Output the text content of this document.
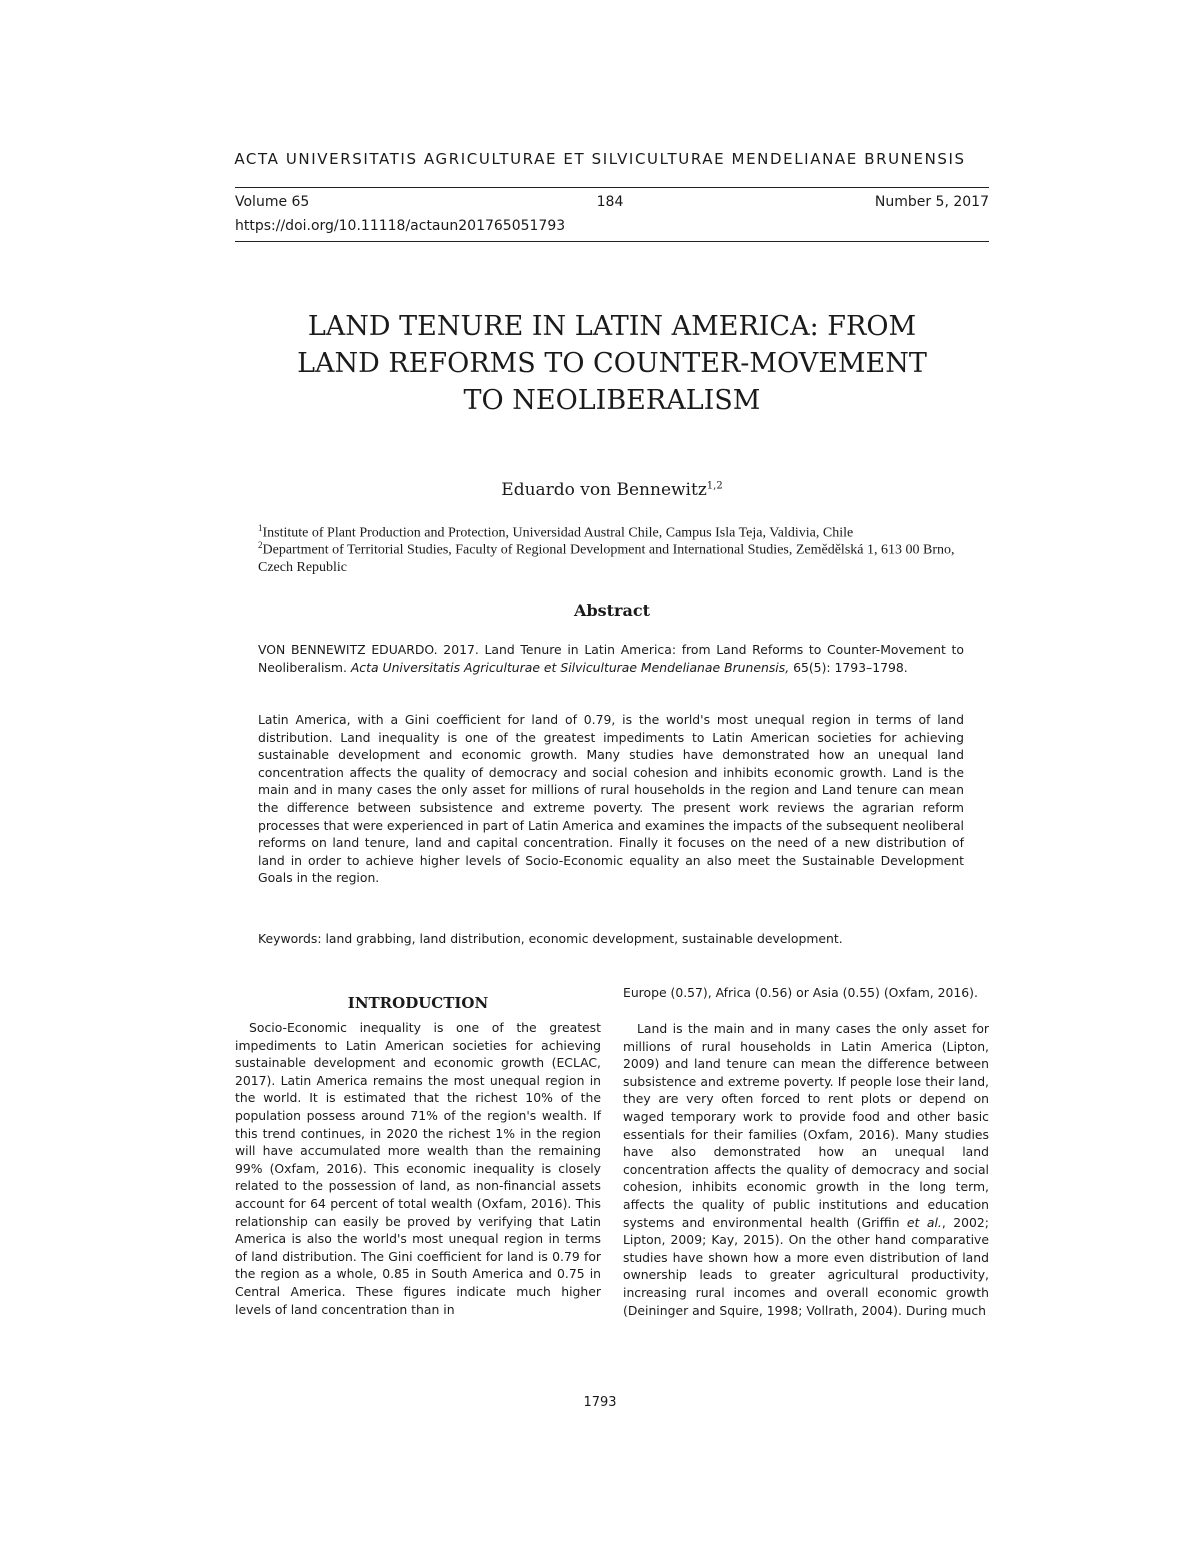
ACTA UNIVERSITATIS AGRICULTURAE ET SILVICULTURAE MENDELIANAE BRUNENSIS
Volume 65	184	Number 5, 2017
https://doi.org/10.11118/actaun201765051793
LAND TENURE IN LATIN AMERICA: FROM
LAND REFORMS TO COUNTER-MOVEMENT
TO NEOLIBERALISM
Eduardo von Bennewitz$^{1,2}$
$^1$Institute of Plant Production and Protection, Universidad Austral Chile, Campus Isla Teja, Valdivia, Chile
$^2$Department of Territorial Studies, Faculty of Regional Development and International Studies, Zemědělská 1, 613 00 Brno, Czech Republic
Abstract

VON BENNEWITZ EDUARDO. 2017. Land Tenure in Latin America: from Land Reforms to Counter-Movement to Neoliberalism. Acta Universitatis Agriculturae et Silviculturae Mendelianae Brunensis, 65(5): 1793–1798.

Latin America, with a Gini coefficient for land of 0.79, is the world's most unequal region in terms of land distribution. Land inequality is one of the greatest impediments to Latin American societies for achieving sustainable development and economic growth. Many studies have demonstrated how an unequal land concentration affects the quality of democracy and social cohesion and inhibits economic growth. Land is the main and in many cases the only asset for millions of rural households in the region and Land tenure can mean the difference between subsistence and extreme poverty. The present work reviews the agrarian reform processes that were experienced in part of Latin America and examines the impacts of the subsequent neoliberal reforms on land tenure, land and capital concentration. Finally it focuses on the need of a new distribution of land in order to achieve higher levels of Socio-Economic equality an also meet the Sustainable Development Goals in the region.

Keywords: land grabbing, land distribution, economic development, sustainable development.

INTRODUCTION

Socio-Economic inequality is one of the greatest impediments to Latin American societies for achieving sustainable development and economic growth (ECLAC, 2017). Latin America remains the most unequal region in the world. It is estimated that the richest 10% of the population possess around 71% of the region's wealth. If this trend continues, in 2020 the richest 1% in the region will have accumulated more wealth than the remaining 99% (Oxfam, 2016). This economic inequality is closely related to the possession of land, as non-financial assets account for 64 percent of total wealth (Oxfam, 2016). This relationship can easily be proved by verifying that Latin America is also the world's most unequal region in terms of land distribution. The Gini coefficient for land is 0.79 for the region as a whole, 0.85 in South America and 0.75 in Central America. These figures indicate much higher levels of land concentration than in

Europe (0.57), Africa (0.56) or Asia (0.55) (Oxfam, 2016).

Land is the main and in many cases the only asset for millions of rural households in Latin America (Lipton, 2009) and land tenure can mean the difference between subsistence and extreme poverty. If people lose their land, they are very often forced to rent plots or depend on waged temporary work to provide food and other basic essentials for their families (Oxfam, 2016). Many studies have also demonstrated how an unequal land concentration affects the quality of democracy and social cohesion, inhibits economic growth in the long term, affects the quality of public institutions and education systems and environmental health (Griffin et al., 2002; Lipton, 2009; Kay, 2015). On the other hand comparative studies have shown how a more even distribution of land ownership leads to greater agricultural productivity, increasing rural incomes and overall economic growth (Deininger and Squire, 1998; Vollrath, 2004). During much

1793
